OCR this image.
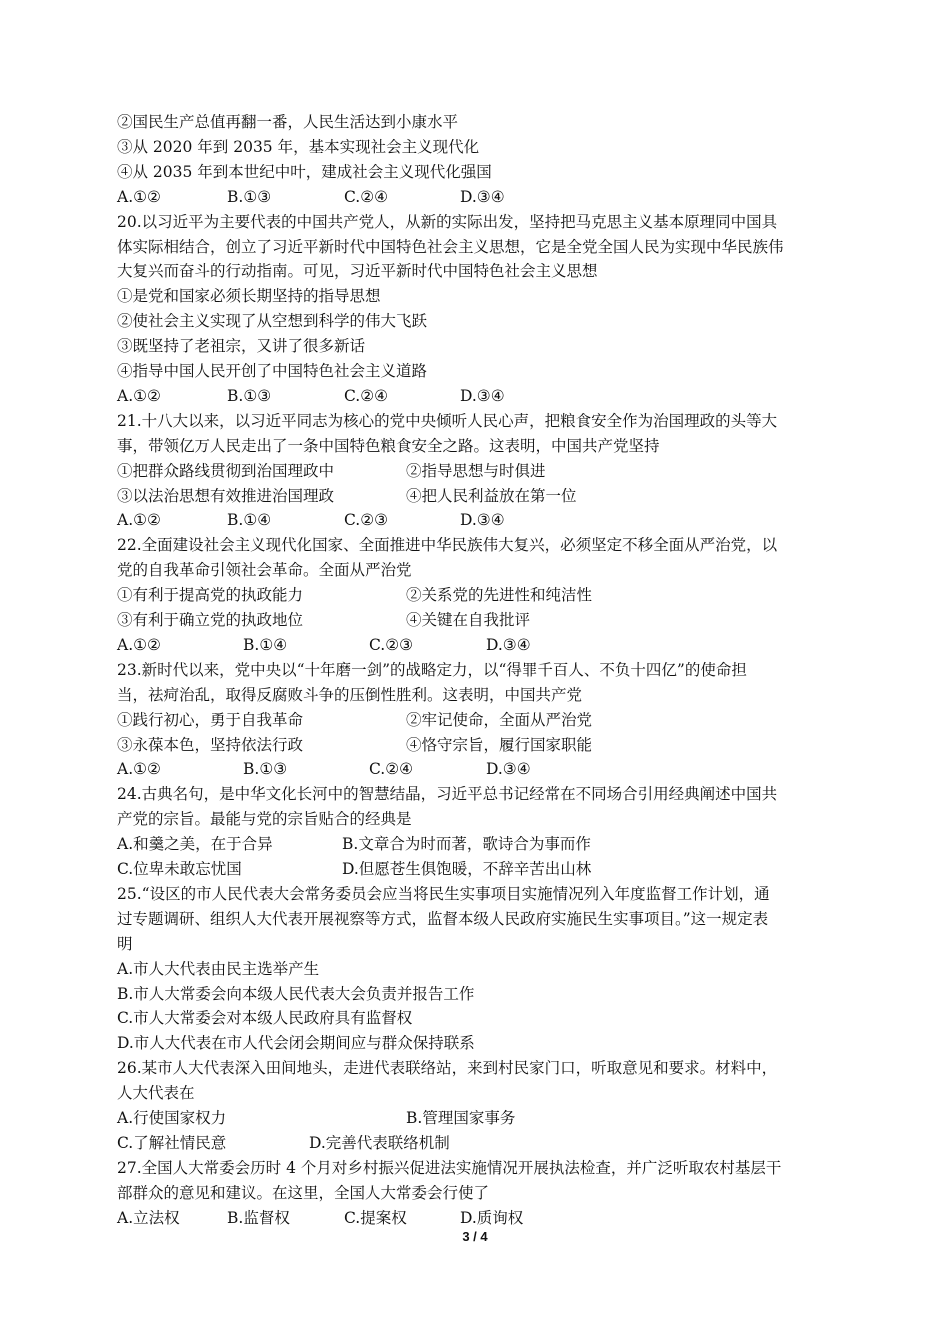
②国民生产总值再翻一番，人民生活达到小康水平
③从 2020 年到 2035 年，基本实现社会主义现代化
④从 2035 年到本世纪中叶，建成社会主义现代化强国
A.①②	B.①③	C.②④	D.③④
20.以习近平为主要代表的中国共产党人，从新的实际出发，坚持把马克思主义基本原理同中国具
体实际相结合，创立了习近平新时代中国特色社会主义思想，它是全党全国人民为实现中华民族伟
大复兴而奋斗的行动指南。可见，习近平新时代中国特色社会主义思想
①是党和国家必须长期坚持的指导思想
②使社会主义实现了从空想到科学的伟大飞跃
③既坚持了老祖宗，又讲了很多新话
④指导中国人民开创了中国特色社会主义道路
A.①②	B.①③	C.②④	D.③④
21.十八大以来，以习近平同志为核心的党中央倾听人民心声，把粮食安全作为治国理政的头等大
事，带领亿万人民走出了一条中国特色粮食安全之路。这表明，中国共产党坚持
①把群众路线贯彻到治国理政中	②指导思想与时俱进
③以法治思想有效推进治国理政	④把人民利益放在第一位
A.①②	B.①④	C.②③	D.③④
22.全面建设社会主义现代化国家、全面推进中华民族伟大复兴，必须坚定不移全面从严治党，以
党的自我革命引领社会革命。全面从严治党
①有利于提高党的执政能力	②关系党的先进性和纯洁性
③有利于确立党的执政地位	④关键在自我批评
A.①②	B.①④	C.②③	D.③④
23.新时代以来，党中央以“十年磨一剑”的战略定力，以“得罪千百人、不负十四亿”的使命担
当，祛疴治乱，取得反腐败斗争的压倒性胜利。这表明，中国共产党
①践行初心，勇于自我革命	②牢记使命，全面从严治党
③永葆本色，坚持依法行政	④恪守宗旨，履行国家职能
A.①②	B.①③	C.②④	D.③④
24.古典名句，是中华文化长河中的智慧结晶，习近平总书记经常在不同场合引用经典阐述中国共
产党的宗旨。最能与党的宗旨贴合的经典是
A.和羹之美，在于合异	B.文章合为时而著，歌诗合为事而作
C.位卑未敢忘忧国	D.但愿苍生俱饱暖，不辞辛苦出山林
25.“设区的市人民代表大会常务委员会应当将民生实事项目实施情况列入年度监督工作计划，通
过专题调研、组织人大代表开展视察等方式，监督本级人民政府实施民生实事项目。”这一规定表
明
A.市人大代表由民主选举产生
B.市人大常委会向本级人民代表大会负责并报告工作
C.市人大常委会对本级人民政府具有监督权
D.市人大代表在市人代会闭会期间应与群众保持联系
26.某市人大代表深入田间地头，走进代表联络站，来到村民家门口，听取意见和要求。材料中，
人大代表在
A.行使国家权力	B.管理国家事务
C.了解社情民意	D.完善代表联络机制
27.全国人大常委会历时 4 个月对乡村振兴促进法实施情况开展执法检查，并广泛听取农村基层干
部群众的意见和建议。在这里，全国人大常委会行使了
A.立法权	B.监督权	C.提案权	D.质询权
3 / 4
